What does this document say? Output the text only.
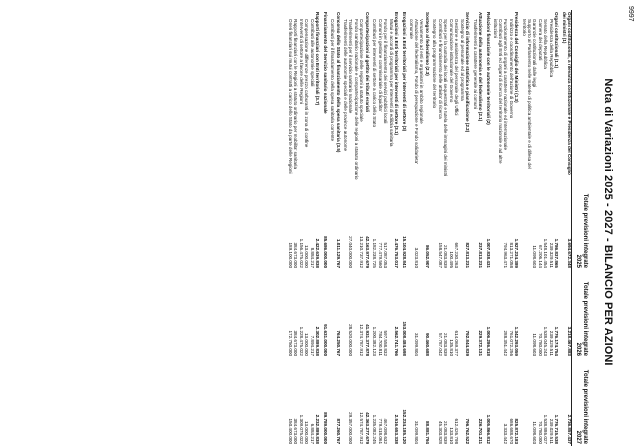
9997
Nota di Variazioni 2025 - 2027 - BILANCIO PER AZIONI
	Totale previsioni integrate 2025	Totale previsioni integrate 2026	Totale previsioni integrate 2027
Organi costituzionali, a rilevanza costituzionale e Presidenza del Consiglio dei ministri (1)	3.694.672.348	3.218.467.883	2.736.857.437
Organi costituzionali (1.1)	1.786.837.865	1.776.174.754	1.776.715.538
Presidenza della Repubblica	239.329.511	239.329.511	239.029.511
Senato della Repubblica	1.548.101.454	1.538.045.243	1.538.886.027
Camera dei deputati	67.206.144	70.780.000	70.780.000
Garanzie costituzionali dalle leggi	11.098.603	11.098.603	11.098.603
Supporto al Parlamento nelle materie di politica ambientale e di difesa del territorio			
Presidenza del Consiglio dei Ministri (1.3)	1.927.234.389	1.342.293.059	825.872.183
Indirizzo e coordinamento dell'azione di Governo	813.271.058	761.072.256	686.688.670
Funzionamento di organi a carattere nazionale ed internazionale	794.963.471	288.351.442	3.333.442
Contributi agli Enti ed organi di ricerca del territorio nazionale e ad altre istituzioni			
Relazioni finanziarie con le autonomie territoriali (2)	1.007.838.431	1.006.286.818	1.005.866.812
Attuazione della autonomia e del federalismo (2.1)	237.813.231	229.372.131	226.701.211
Trasferimenti a carattere generale ai comuni			
Servizio di informazione statistica e pianificazione (2.2)	827.813.231	792.844.839	796.762.522
Sostegno al personale ed al programma			
Gestione e assistenza del personale degli Uffici	667.230.263	614.069.377	612.426.798
Comunicazione istituzionale del Governo	100.495	135.810	133.810
Spese per la custodia dei locali sequestrati e tutela delle immagini dei ministri	21.083.839	21.083.839	21.083.839
Contributi e finanziamento delle attivita' di ricerca	158.547.087	57.787.042	45.303.828
Sostegno alla programmazione del territorio			
Sostegno al federalismo (2.3)	86.052.907	90.460.688	88.881.794
Versamento ad enti e organismi in ambito regionale			
Attuazione del federalismo, Fondo di perequazione e Fondo solidarieta' comunale	3.023.810	31.099.804	31.099.804
Erogazioni a Enti territoriali per interventi di settore (3)	15.104.928.841	153.008.484.698	152.234.185.120
Erogazioni a Enti territoriali per interventi di settore (3.1)	2.476.753.017	2.562.741.766	2.516.653.338
Mutui e accordi di programma per interventi di edilizia sanitaria			
Fondo per il finanziamento dei servizi pubblici locali	517.087.053	597.558.832	467.098.632
Comuni in gestione commissariale di liquidita'	777.479.560	784.700.811	779.418.061
Contributi per interventi di settore a carico dello Stato	1.182.238.725	1.200.382.123	1.235.082.245
Compartecipazioni al gettito dei tributi erariali	42.163.977.679	41.931.377.878	42.363.277.679
Compartecipazione delle regioni a statuto speciale	13.210.737.912	12.374.787.912	12.574.787.912
Fondo sanitario nazionale e compartecipazione delle regioni a statuto ordinario			
Trasferimenti per il servizio sanitario nazionale	27.040.000.000	28.520.000.000	29.357.000.000
Trasferimenti delle autonomie speciali e delle province autonome			
Concorso dello Stato al finanziamento della spesa sanitaria (3.5)	1.011.129.767	764.250.767	877.260.767
Contributi per il finanziamento della spesa sanitaria corrente			
Finanziamento del Servizio sanitario nazionale	85.686.000.000	91.631.000.000	89.789.000.000
Rapporti finanziari con Enti territoriali (3.7)	2.422.639.838	2.302.889.838	2.232.889.838
Contributi alle autonomie speciali	8.884.217	7.894.217	6.884.217
Compensazione differenze prezzo carburanti in zona di confine	13.000.000	13.000.000	13.000.000
Interventi di settore a favore delle Regioni	1.156.475.022	1.228.475.022	1.309.075.022
Rapporti finanziari con le Regioni a statuto ordinario per mobilita' sanitaria	384.673.000	384.673.000	384.673.000
Oneri finanziari sui mutui contratti a carico dello Stato da parte delle Regioni	189.100.000	172.750.000	150.400.000
